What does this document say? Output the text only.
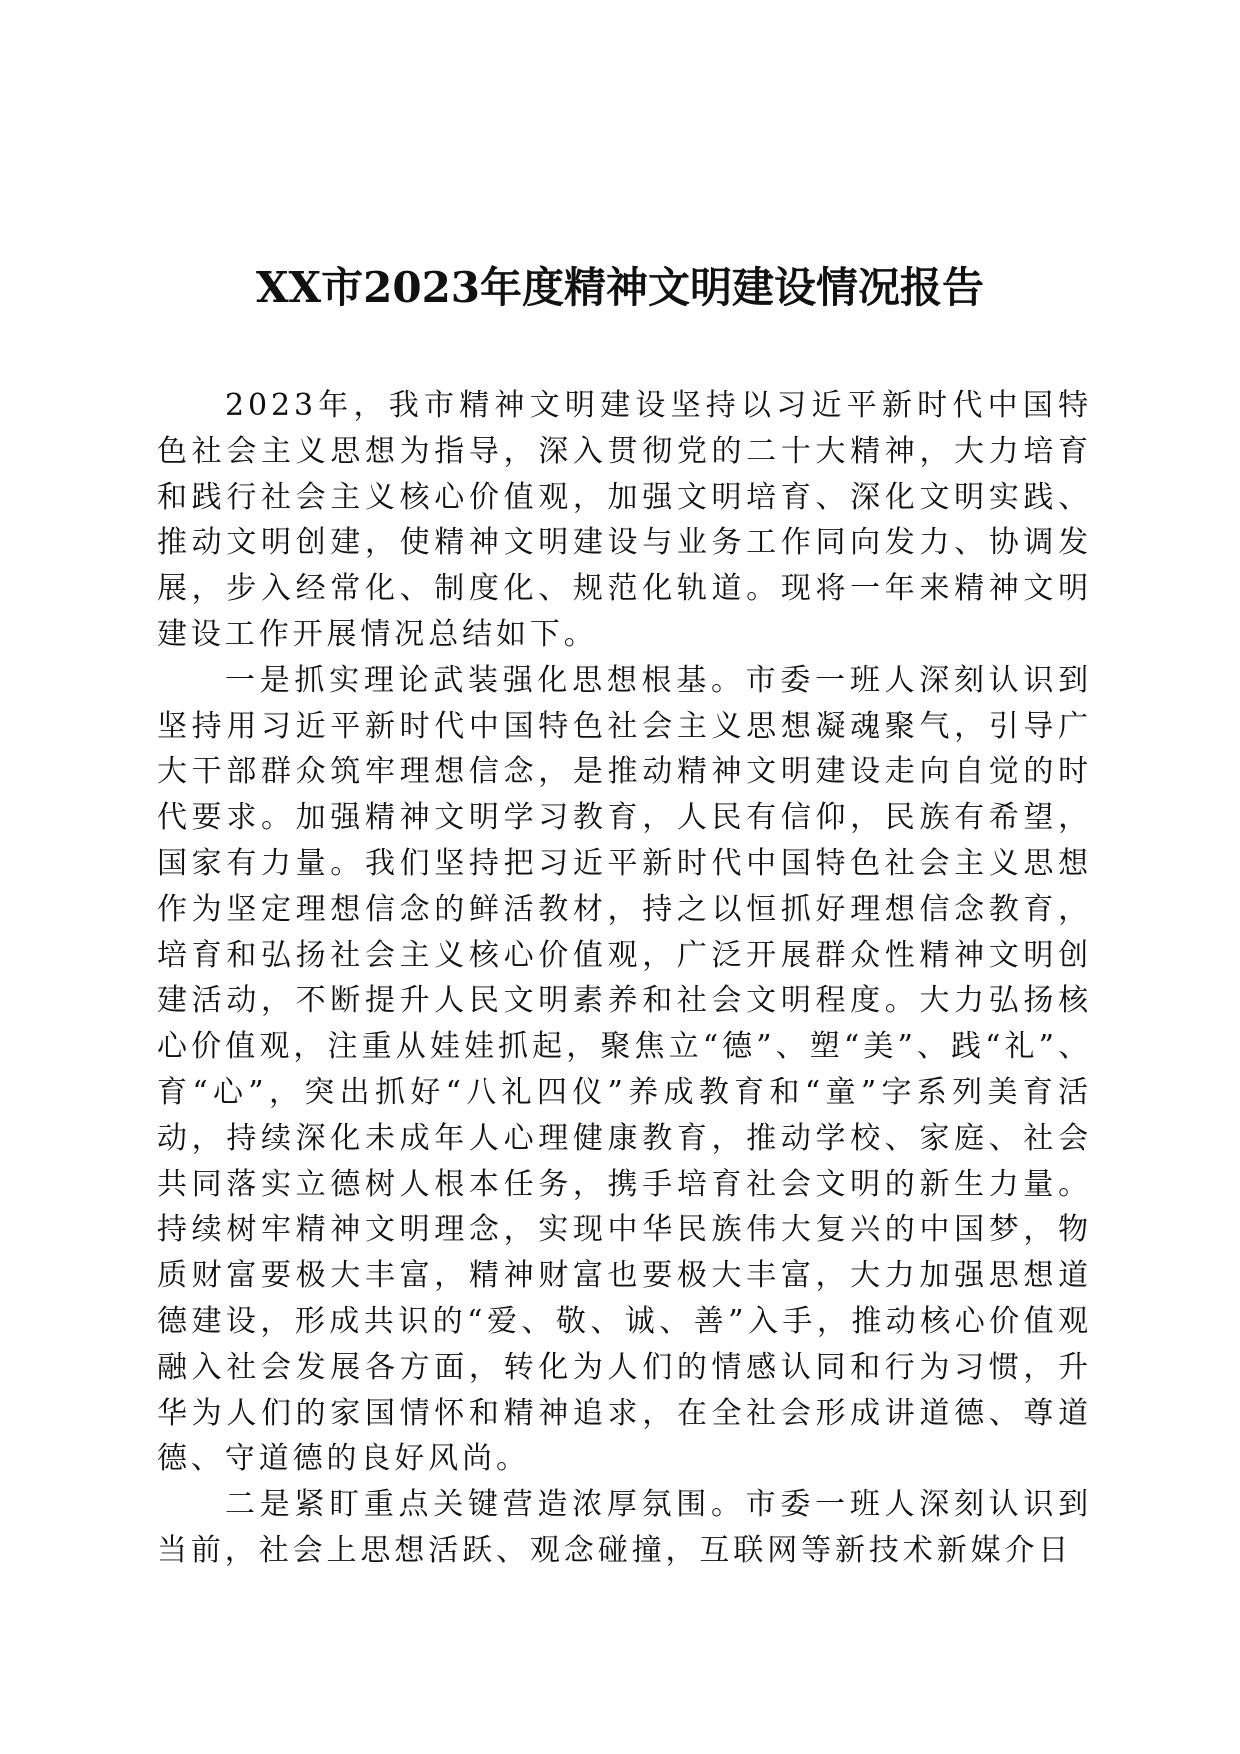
XX市2023年度精神文明建设情况报告

2023年，我市精神文明建设坚持以习近平新时代中国特色社会主义思想为指导，深入贯彻党的二十大精神，大力培育和践行社会主义核心价值观，加强文明培育、深化文明实践、推动文明创建，使精神文明建设与业务工作同向发力、协调发展，步入经常化、制度化、规范化轨道。现将一年来精神文明建设工作开展情况总结如下。

一是抓实理论武装强化思想根基。市委一班人深刻认识到坚持用习近平新时代中国特色社会主义思想凝魂聚气，引导广大干部群众筑牢理想信念，是推动精神文明建设走向自觉的时代要求。加强精神文明学习教育，人民有信仰，民族有希望，国家有力量。我们坚持把习近平新时代中国特色社会主义思想作为坚定理想信念的鲜活教材，持之以恒抓好理想信念教育，培育和弘扬社会主义核心价值观，广泛开展群众性精神文明创建活动，不断提升人民文明素养和社会文明程度。大力弘扬核心价值观，注重从娃娃抓起，聚焦立“德”、塑“美”、践“礼”、育“心”，突出抓好“八礼四仪”养成教育和“童”字系列美育活动，持续深化未成年人心理健康教育，推动学校、家庭、社会共同落实立德树人根本任务，携手培育社会文明的新生力量。持续树牢精神文明理念，实现中华民族伟大复兴的中国梦，物质财富要极大丰富，精神财富也要极大丰富，大力加强思想道德建设，形成共识的“爱、敬、诚、善”入手，推动核心价值观融入社会发展各方面，转化为人们的情感认同和行为习惯，升华为人们的家国情怀和精神追求，在全社会形成讲道德、尊道德、守道德的良好风尚。

二是紧盯重点关键营造浓厚氛围。市委一班人深刻认识到当前，社会上思想活跃、观念碰撞，互联网等新技术新媒介日
